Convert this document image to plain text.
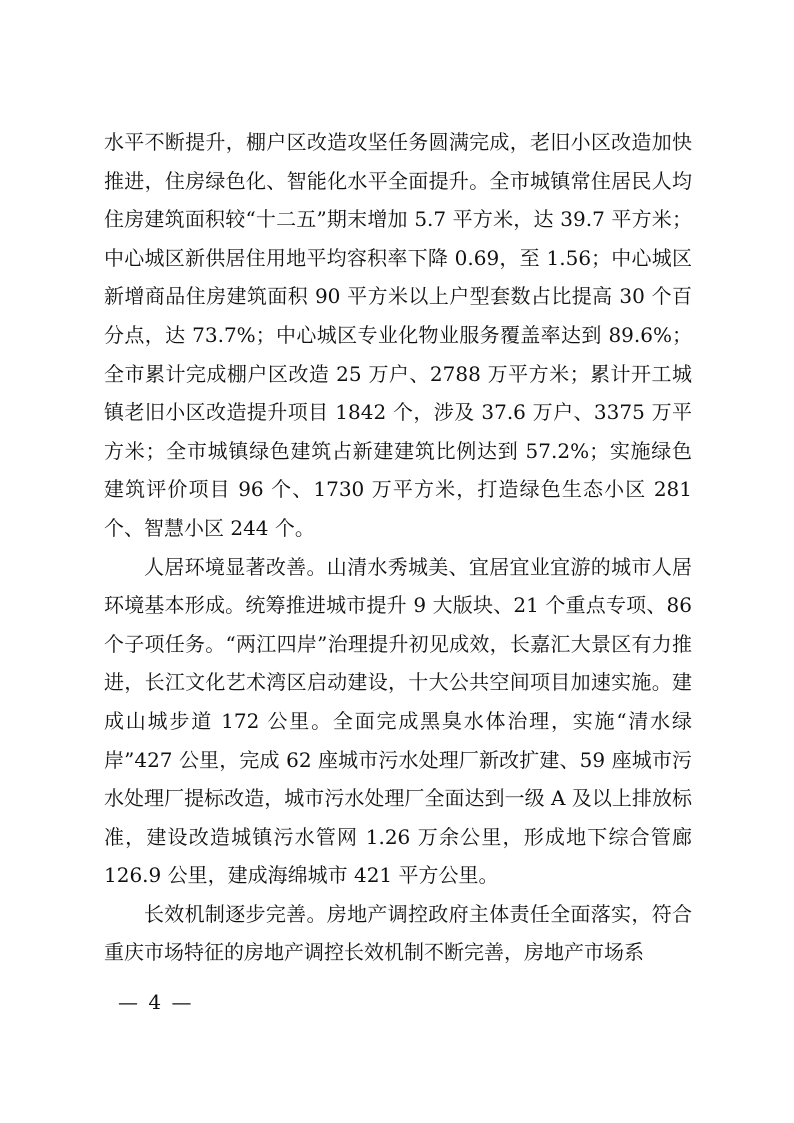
水平不断提升，棚户区改造攻坚任务圆满完成，老旧小区改造加快推进，住房绿色化、智能化水平全面提升。全市城镇常住居民人均住房建筑面积较“十二五”期末增加 5.7 平方米，达 39.7 平方米；中心城区新供居住用地平均容积率下降 0.69，至 1.56；中心城区新增商品住房建筑面积 90 平方米以上户型套数占比提高 30 个百分点，达 73.7%；中心城区专业化物业服务覆盖率达到 89.6%；全市累计完成棚户区改造 25 万户、2788 万平方米；累计开工城镇老旧小区改造提升项目 1842 个，涉及 37.6 万户、3375 万平方米；全市城镇绿色建筑占新建建筑比例达到 57.2%；实施绿色建筑评价项目 96 个、1730 万平方米，打造绿色生态小区 281 个、智慧小区 244 个。

人居环境显著改善。山清水秀城美、宜居宜业宜游的城市人居环境基本形成。统筹推进城市提升 9 大版块、21 个重点专项、86 个子项任务。“两江四岸”治理提升初见成效，长嘉汇大景区有力推进，长江文化艺术湾区启动建设，十大公共空间项目加速实施。建成山城步道 172 公里。全面完成黑臭水体治理，实施“清水绿岸”427 公里，完成 62 座城市污水处理厂新改扩建、59 座城市污水处理厂提标改造，城市污水处理厂全面达到一级 A 及以上排放标准，建设改造城镇污水管网 1.26 万余公里，形成地下综合管廊 126.9 公里，建成海绵城市 421 平方公里。

长效机制逐步完善。房地产调控政府主体责任全面落实，符合重庆市场特征的房地产调控长效机制不断完善，房地产市场系

— 4 —
